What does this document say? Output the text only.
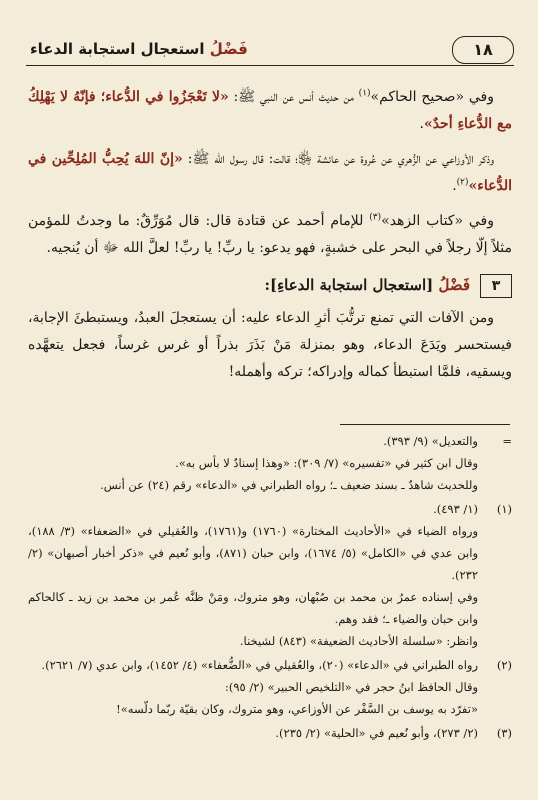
١٨
فَضْلُ استعجال استجابة الدعاء

وفي «صحيح الحاكم»$^{(١)}$ من حديث أنس عن النبي ﷺ: «لا تَعْجَزُوا في الدُّعاء؛ فإنّهُ لا يَهْلِكُ مع الدُّعاءِ أحدٌ».

وذكر الأوزاعي عن الزُّهري عن عُروة عن عائشة ﵂؛ قالت: قال رسول الله ﷺ: «إنّ اللهَ يُحِبُّ المُلِحِّين في الدُّعاء»$^{(٢)}$.

وفي «كتاب الزهد»$^{(٣)}$ للإمام أحمد عن قتادة قال: قال مُوَرِّقٌ: ما وجدتُ للمؤمن مثلاً إلّا رجلاً في البحر على خشبةٍ، فهو يدعو: يا ربِّ! يا ربِّ! لعلَّ الله ﷻ أن يُنجيه.

٣
فَضْلُ [استعجال استجابة الدعاءِ]:

ومن الآفات التي تمنع ترتُّبَ أثرِ الدعاء عليه: أن يستعجلَ العبدُ، ويستبطئَ الإجابة، فيستحسر ويَدَعَ الدعاء، وهو بمنزلة مَنْ بَذَرَ بذراً أو غرس غرساً، فجعل يتعهَّده ويسقيه، فلمَّا استبطأ كماله وإدراكه؛ تركه وأهمله!

=
والتعديل» (٩/ ٣٩٣).
وقال ابن كثير في «تفسيره» (٧/ ٣٠٩): «وهذا إسنادٌ لا بأس به».
وللحديث شاهدٌ ـ بسند ضعيف ـ؛ رواه الطبراني في «الدعاء» رقم (٢٤) عن أنس.
(١)
(١/ ٤٩٣).
ورواه الضياء في «الأحاديث المختارة» (١٧٦٠) و(١٧٦١)، والعُقيلي في «الضعفاء» (٣/ ١٨٨)، وابن عدي في «الكامل» (٥/ ١٦٧٤)، وابن حبان (٨٧١)، وأبو نُعيم في «ذكر أخبار أصبهان» (٢/ ٢٣٢).
وفي إسناده عمرُ بن محمد بن صُبْهان، وهو متروك، ومَنْ ظنَّه عُمر بن محمد بن زيد ـ كالحاكم وابن حبان والضياء ـ؛ فقد وهم.
وانظر: «سلسلة الأحاديث الضعيفة» (٨٤٣) لشيخنا.
(٢)
رواه الطبراني في «الدعاء» (٢٠)، والعُقيلي في «الضُّعفاء» (٤/ ١٤٥٢)، وابن عدي (٧/ ٢٦٢١).
وقال الحافظ ابنُ حجر في «التلخيص الحبير» (٢/ ٩٥):
«تفرّد به يوسف بن السَّفْر عن الأوزاعي، وهو متروك، وكان بقيّة ربّما دلّسه»!
(٣)
(٢/ ٢٧٣)، وأبو نُعيم في «الحلية» (٢/ ٢٣٥).
